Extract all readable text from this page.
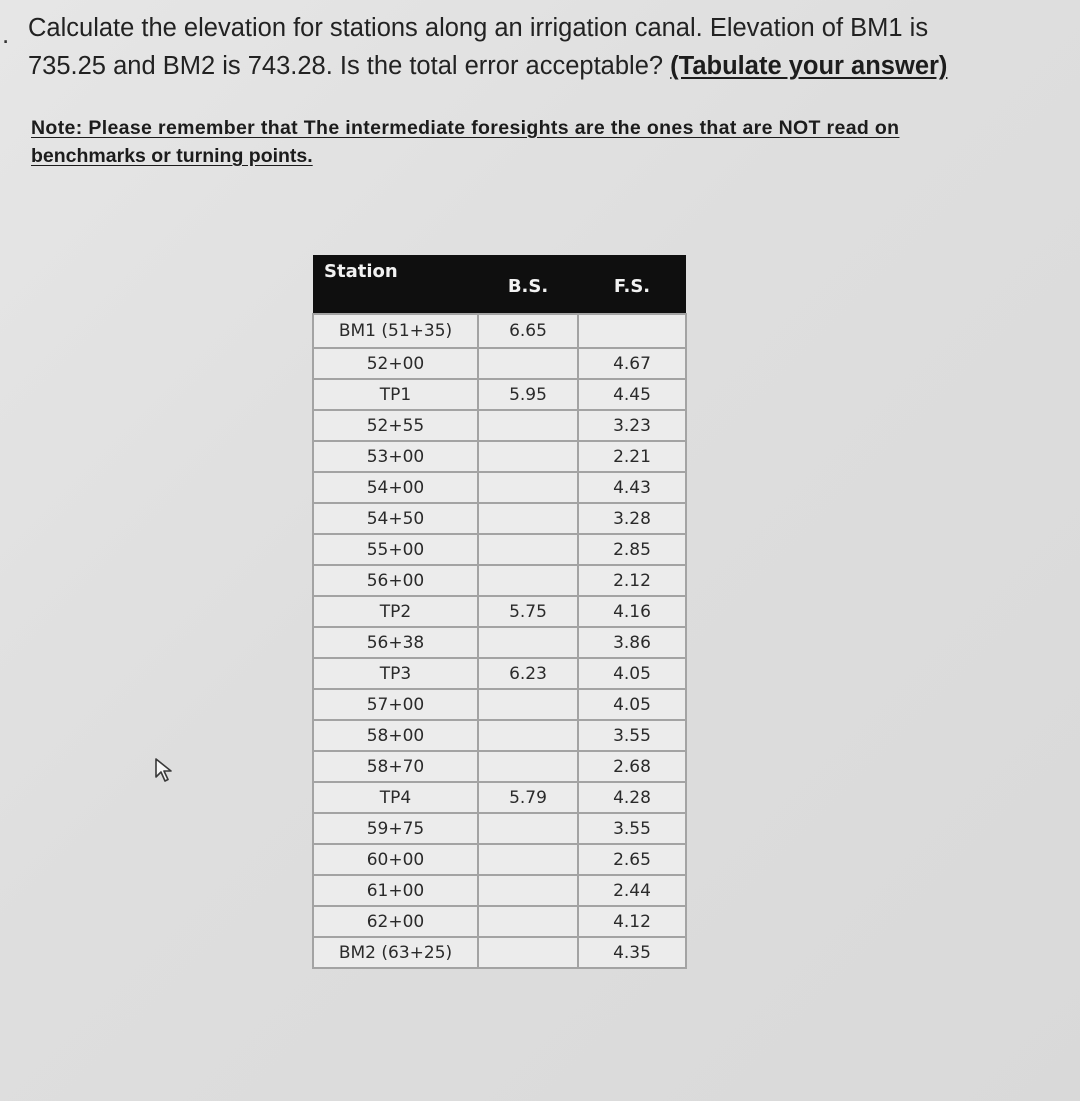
. Calculate the elevation for stations along an irrigation canal. Elevation of BM1 is
735.25 and BM2 is 743.28. Is the total error acceptable? (Tabulate your answer)
Note: Please remember that The intermediate foresights are the ones that are NOT read on
benchmarks or turning points.
Station	B.S.	F.S.
BM1 (51+35)	6.65	
52+00		4.67
TP1	5.95	4.45
52+55		3.23
53+00		2.21
54+00		4.43
54+50		3.28
55+00		2.85
56+00		2.12
TP2	5.75	4.16
56+38		3.86
TP3	6.23	4.05
57+00		4.05
58+00		3.55
58+70		2.68
TP4	5.79	4.28
59+75		3.55
60+00		2.65
61+00		2.44
62+00		4.12
BM2 (63+25)		4.35
